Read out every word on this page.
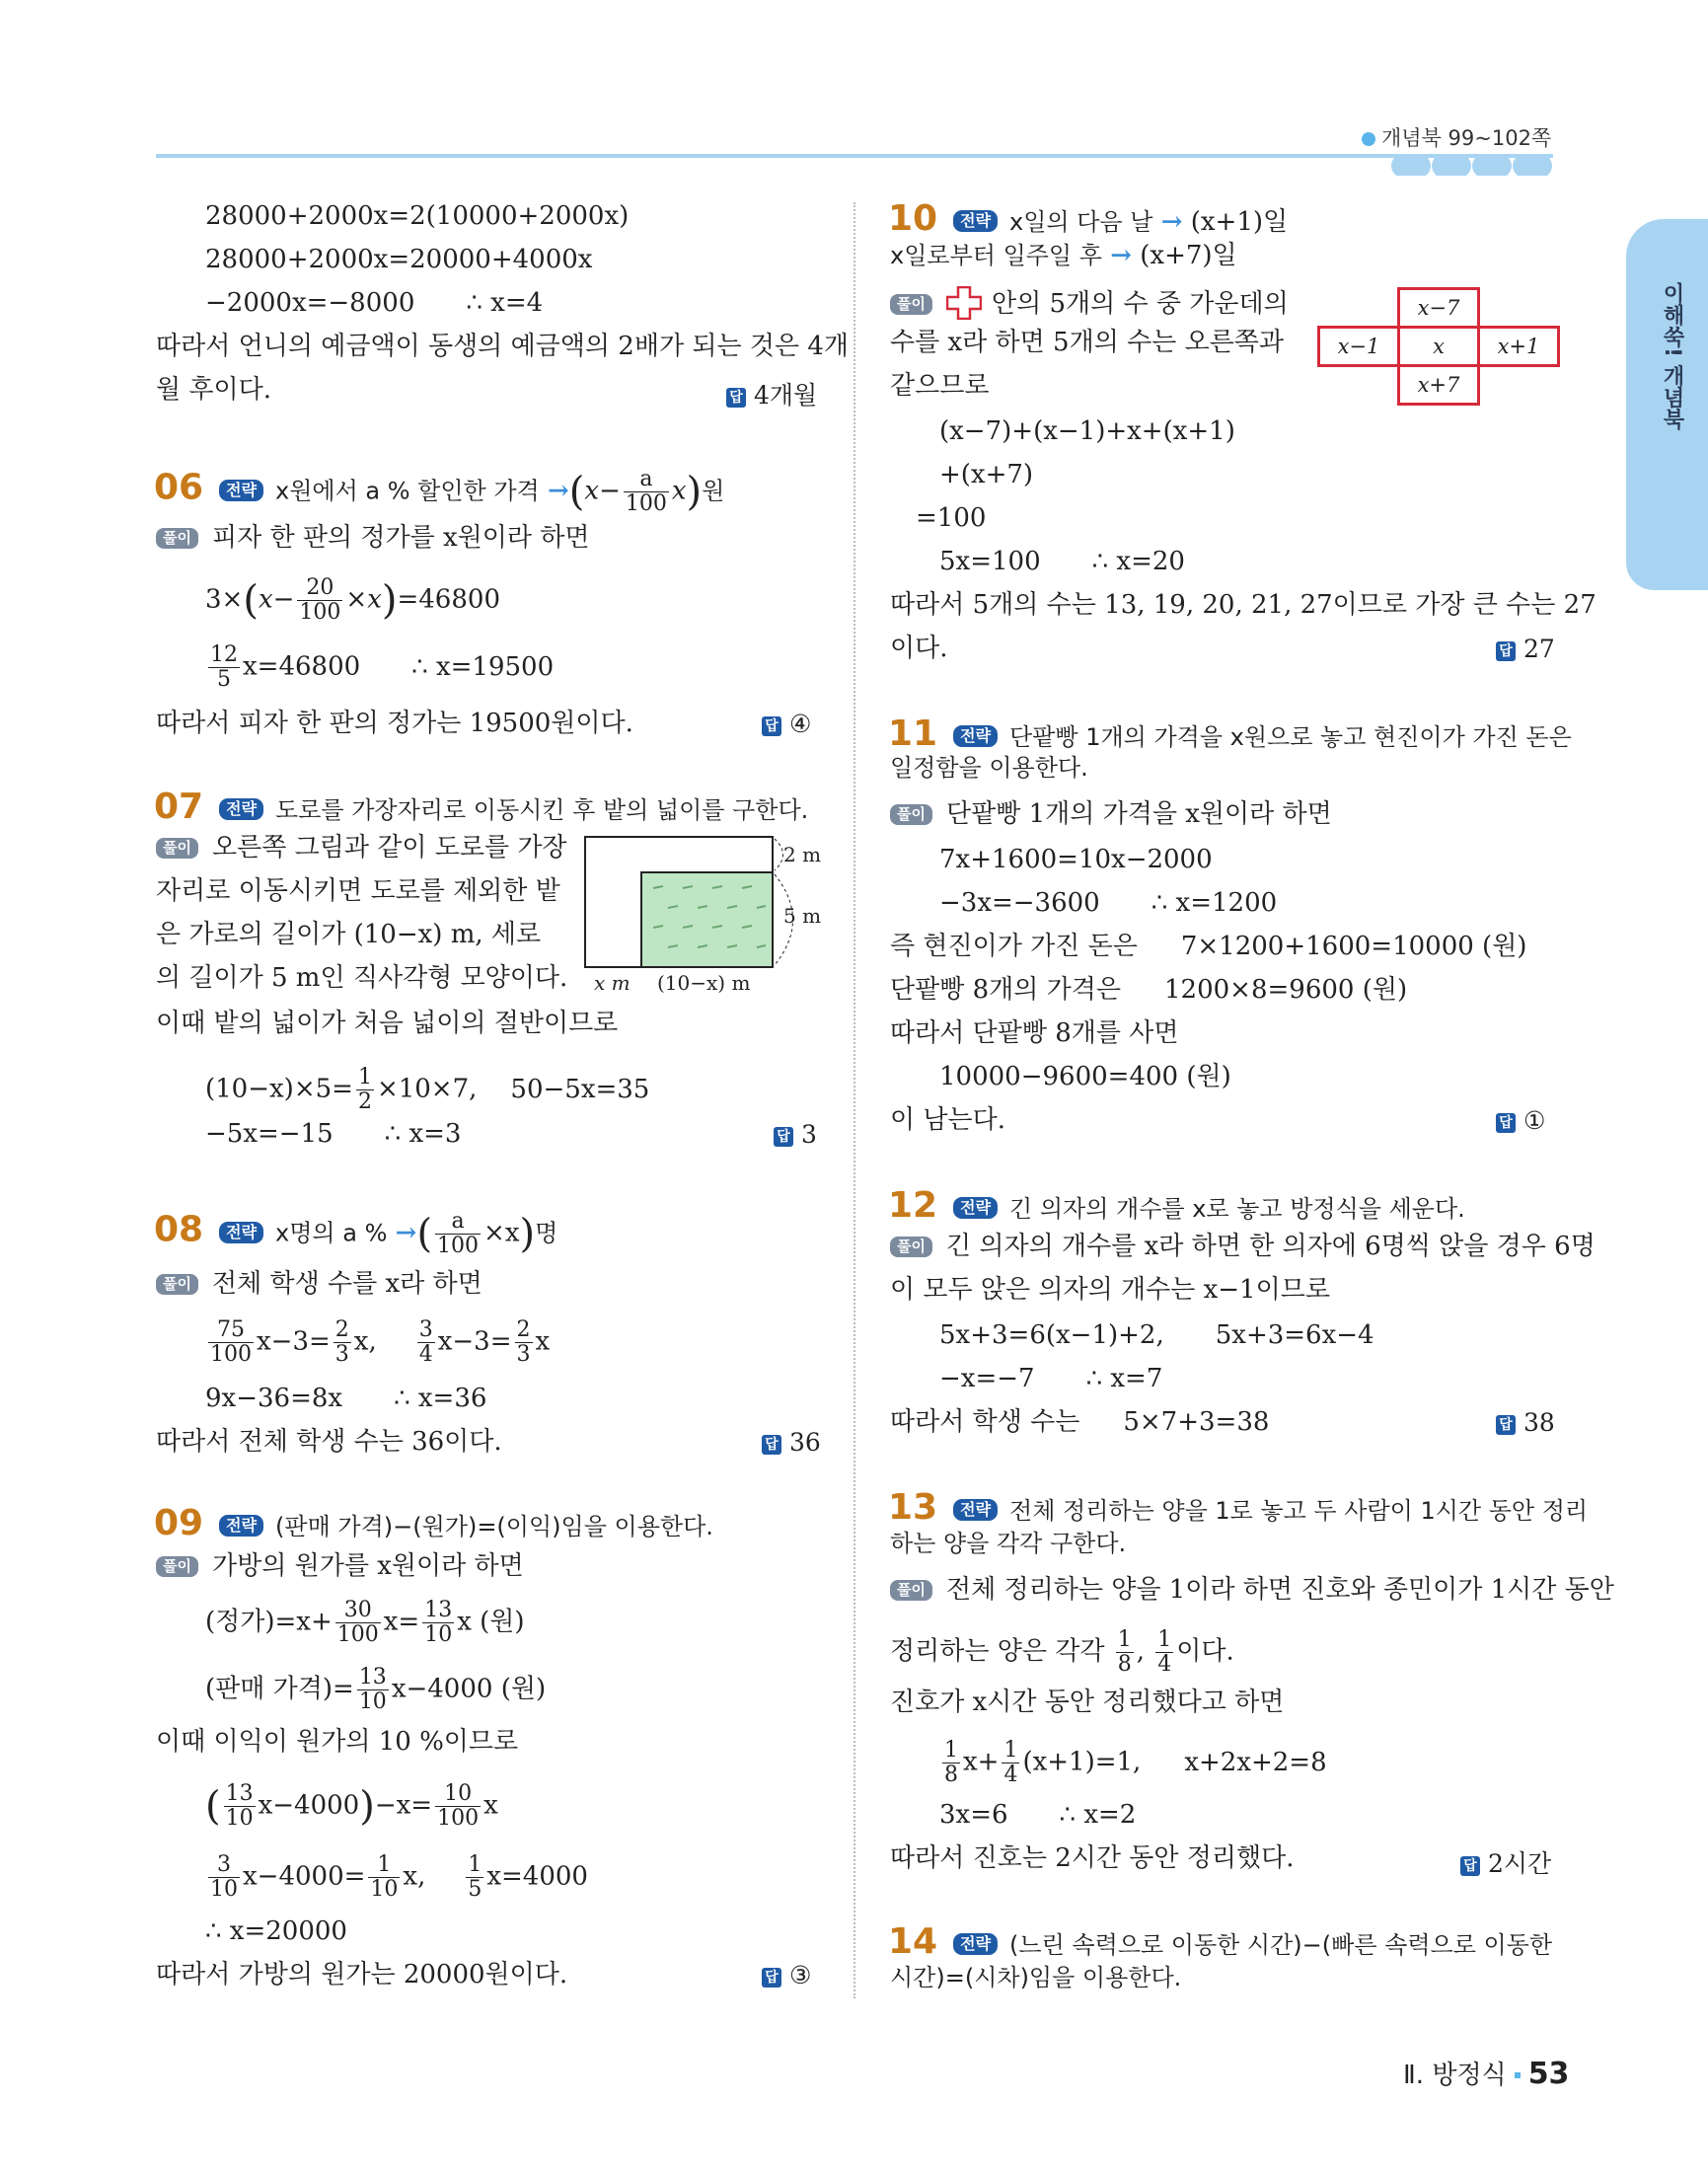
개념북 99~102쪽
이해쑥! 개념북
28000+2000x=2(10000+2000x)
28000+2000x=20000+4000x
−2000x=−8000 ∴ x=4
따라서 언니의 예금액이 동생의 예금액의 2배가 되는 것은 4개
월 후이다.	답 4개월
06 전략 x원에서 a % 할인한 가격 $\to(x- \frac{a}{100} x)$원
풀이 피자 한 판의 정가를 x원이라 하면
$3\times(x- \frac{20}{100} \times x)=46800$
$\frac{12}{5} x=46800$ ∴ x=19500
따라서 피자 한 판의 정가는 19500원이다.	답 ④
07 전략 도로를 가장자리로 이동시킨 후 밭의 넓이를 구한다.
풀이 오른쪽 그림과 같이 도로를 가장
자리로 이동시키면 도로를 제외한 밭
은 가로의 길이가 (10−x) m, 세로
의 길이가 5 m인 직사각형 모양이다.
이때 밭의 넓이가 처음 넓이의 절반이므로
2 m
5 m
x m (10−x) m
$(10-x)\times 5= \frac{1}{2} \times 10\times 7$, 50−5x=35
−5x=−15 ∴ x=3	답 3
08 전략 x명의 a % →( $\frac{a}{100} \times x$)명
풀이 전체 학생 수를 x라 하면
$\frac{75}{100} x-3= \frac{2}{3} x$, $\frac{3}{4} x-3= \frac{2}{3}$ x
9x−36=8x ∴ x=36
따라서 전체 학생 수는 36이다.	답 36
09 전략 (판매 가격)−(원가)=(이익)임을 이용한다.
풀이 가방의 원가를 x원이라 하면
(정가)$=x+ \frac{30}{100} x= \frac{13}{10}$ x (원)
(판매 가격)= $\frac{13}{10} x-4000$ (원)
이때 이익이 원가의 10 %이므로
( $\frac{13}{10} x-4000)-x= \frac{10}{100}$ x
$\frac{3}{10} x-4000= \frac{1}{10} x$, $\frac{1}{5} x=4000$
∴ x=20000
따라서 가방의 원가는 20000원이다.	답 ③
10 전략 x일의 다음 날 → (x+1)일
x일로부터 일주일 후 → (x+7)일
풀이	안의 5개의 수 중 가운데의
수를 x라 하면 5개의 수는 오른쪽과
같으므로
	x−7	
x−1	x	x+1
	x+7	
(x−7)+(x−1)+x+(x+1)
+(x+7)
=100
5x=100 ∴ x=20
따라서 5개의 수는 13, 19, 20, 21, 27이므로 가장 큰 수는 27
이다.	답 27
11 전략 단팥빵 1개의 가격을 x원으로 놓고 현진이가 가진 돈은
일정함을 이용한다.
풀이 단팥빵 1개의 가격을 x원이라 하면
7x+1600=10x−2000
−3x=−3600 ∴ x=1200
즉 현진이가 가진 돈은 7×1200+1600=10000 (원)
단팥빵 8개의 가격은 1200×8=9600 (원)
따라서 단팥빵 8개를 사면
10000−9600=400 (원)
이 남는다.	답 ①
12 전략 긴 의자의 개수를 x로 놓고 방정식을 세운다.
풀이 긴 의자의 개수를 x라 하면 한 의자에 6명씩 앉을 경우 6명
이 모두 앉은 의자의 개수는 x−1이므로
5x+3=6(x−1)+2, 5x+3=6x−4
−x=−7 ∴ x=7
따라서 학생 수는 5×7+3=38	답 38
13 전략 전체 정리하는 양을 1로 놓고 두 사람이 1시간 동안 정리
하는 양을 각각 구한다.
풀이 전체 정리하는 양을 1이라 하면 진호와 종민이가 1시간 동안
정리하는 양은 각각 $\frac{1}{8}$ , $\frac{1}{4}$ 이다.
진호가 x시간 동안 정리했다고 하면
$\frac{1}{8} x+ \frac{1}{4} (x+1)=1$, x+2x+2=8
3x=6 ∴ x=2
따라서 진호는 2시간 동안 정리했다.	답 2시간
14 전략 (느린 속력으로 이동한 시간)−(빠른 속력으로 이동한
시간)=(시차)임을 이용한다.
Ⅱ. 방정식 53
